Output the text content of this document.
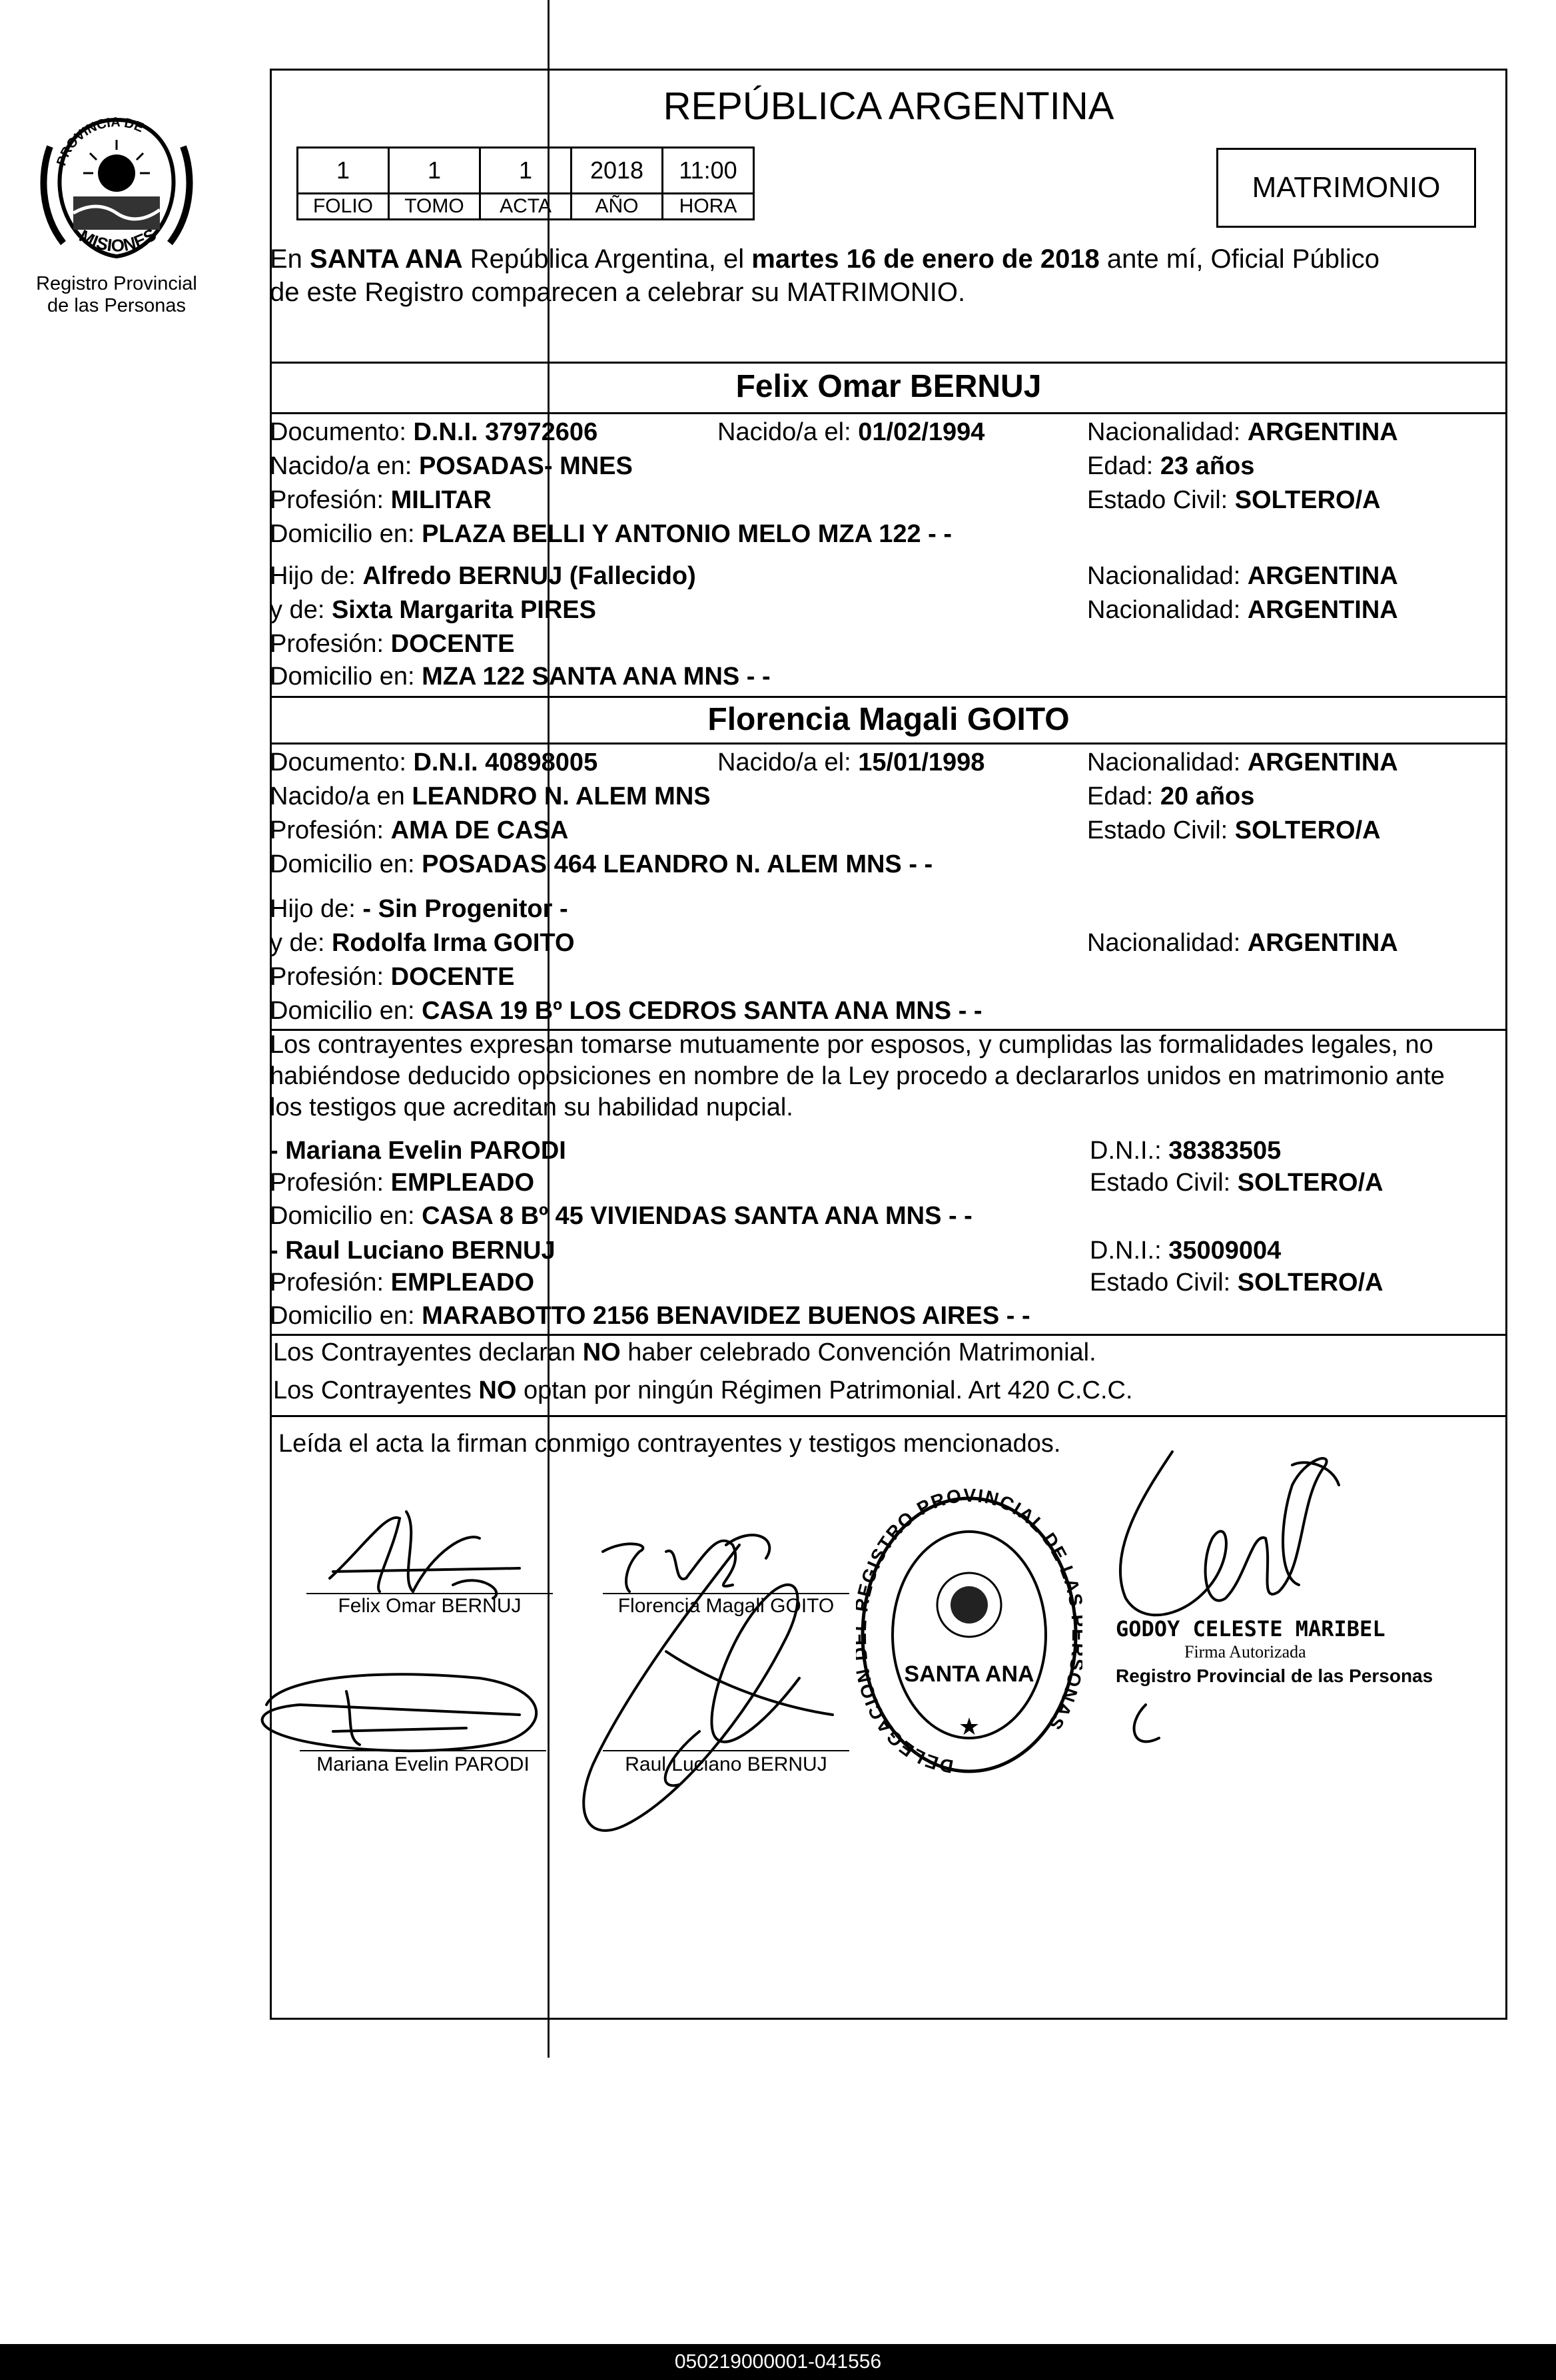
PROVINCIA DE
MISIONES
Registro Provincial
de las Personas
REPÚBLICA ARGENTINA
1	1	1	2018	11:00
FOLIO	TOMO	ACTA	AÑO	HORA
MATRIMONIO
En SANTA ANA República Argentina, el martes 16 de enero de 2018 ante mí, Oficial Público
de este Registro comparecen a celebrar su MATRIMONIO.
Felix Omar BERNUJ
Documento: D.N.I. 37972606	Nacido/a el: 01/02/1994	Nacionalidad: ARGENTINA
Nacido/a en: POSADAS- MNES	Edad: 23 años
Profesión: MILITAR	Estado Civil: SOLTERO/A
Domicilio en: PLAZA BELLI Y ANTONIO MELO MZA 122 - -
Hijo de: Alfredo BERNUJ (Fallecido)	Nacionalidad: ARGENTINA
y de: Sixta Margarita PIRES	Nacionalidad: ARGENTINA
Profesión: DOCENTE
Domicilio en: MZA 122 SANTA ANA MNS - -
Florencia Magali GOITO
Documento: D.N.I. 40898005	Nacido/a el: 15/01/1998	Nacionalidad: ARGENTINA
Nacido/a en LEANDRO N. ALEM MNS	Edad: 20 años
Profesión: AMA DE CASA	Estado Civil: SOLTERO/A
Domicilio en: POSADAS 464 LEANDRO N. ALEM MNS - -
Hijo de: - Sin Progenitor -
y de: Rodolfa Irma GOITO	Nacionalidad: ARGENTINA
Profesión: DOCENTE
Domicilio en: CASA 19 Bº LOS CEDROS SANTA ANA MNS - -
Los contrayentes expresan tomarse mutuamente por esposos, y cumplidas las formalidades legales, no
habiéndose deducido oposiciones en nombre de la Ley procedo a declararlos unidos en matrimonio ante
los testigos que acreditan su habilidad nupcial.
- Mariana Evelin PARODI	D.N.I.: 38383505
Profesión: EMPLEADO	Estado Civil: SOLTERO/A
Domicilio en: CASA 8 Bº 45 VIVIENDAS SANTA ANA MNS - -
- Raul Luciano BERNUJ	D.N.I.: 35009004
Profesión: EMPLEADO	Estado Civil: SOLTERO/A
Domicilio en: MARABOTTO 2156 BENAVIDEZ BUENOS AIRES - -
Los Contrayentes declaran NO haber celebrado Convención Matrimonial.
Los Contrayentes NO optan por ningún Régimen Patrimonial. Art 420 C.C.C.
Leída el acta la firman conmigo contrayentes y testigos mencionados.
Felix Omar BERNUJ	Florencia Magali GOITO
Mariana Evelin PARODI	Raul Luciano BERNUJ
GODOY CELESTE MARIBEL
Firma Autorizada
Registro Provincial de las Personas
DELEGACIO GISTRO PROVINCIAL DE LA NAS
SANTA ANA
★
050219000001-041556
